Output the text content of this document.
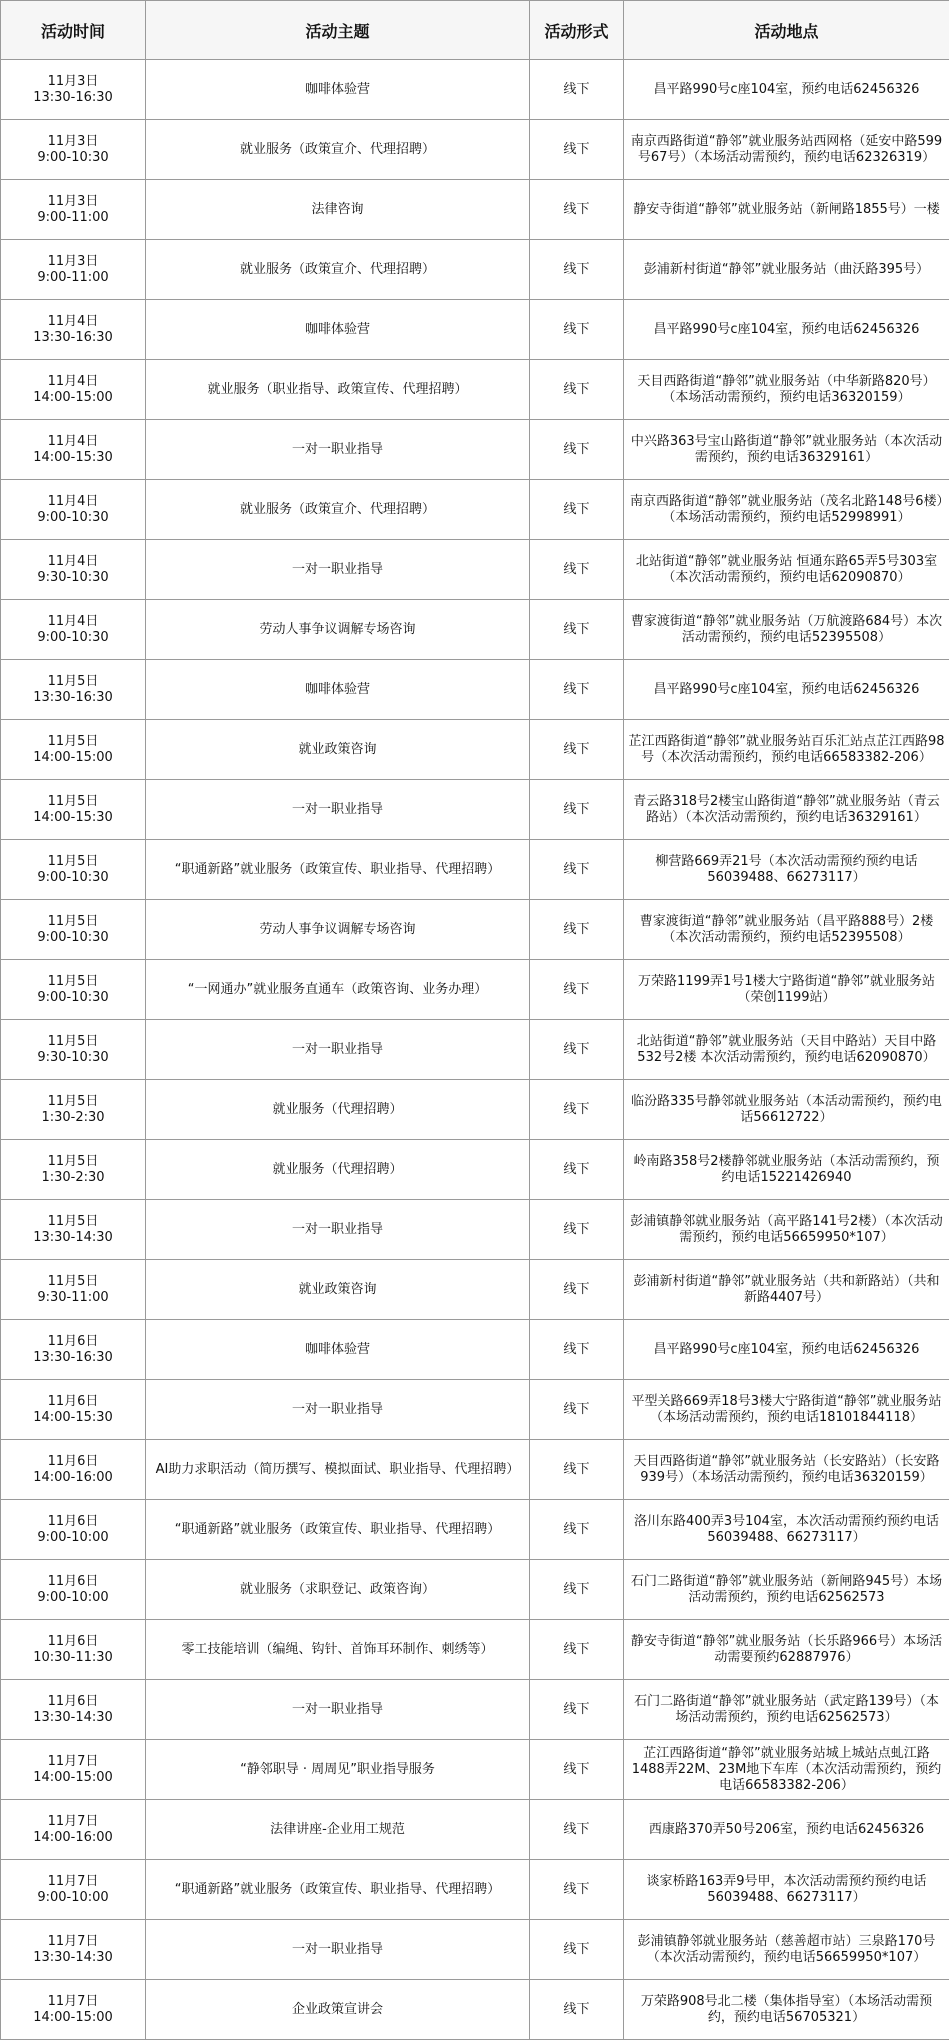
活动时间	活动主题	活动形式	活动地点

11月3日
13:30-16:30	咖啡体验营	线下	昌平路990号c座104室，预约电话62456326

11月3日
9:00-10:30	就业服务（政策宣介、代理招聘）	线下	南京西路街道“静邻”就业服务站西网格（延安中路599号67号）（本场活动需预约，预约电话62326319）

11月3日
9:00-11:00	法律咨询	线下	静安寺街道“静邻”就业服务站（新闸路1855号）一楼

11月3日
9:00-11:00	就业服务（政策宣介、代理招聘）	线下	彭浦新村街道“静邻”就业服务站（曲沃路395号）

11月4日
13:30-16:30	咖啡体验营	线下	昌平路990号c座104室，预约电话62456326

11月4日
14:00-15:00	就业服务（职业指导、政策宣传、代理招聘）	线下	天目西路街道“静邻”就业服务站（中华新路820号）（本场活动需预约，预约电话36320159）

11月4日
14:00-15:30	一对一职业指导	线下	中兴路363号宝山路街道“静邻”就业服务站（本次活动需预约，预约电话36329161）

11月4日
9:00-10:30	就业服务（政策宣介、代理招聘）	线下	南京西路街道“静邻”就业服务站（茂名北路148号6楼）（本场活动需预约，预约电话52998991）

11月4日
9:30-10:30	一对一职业指导	线下	北站街道“静邻”就业服务站 恒通东路65弄5号303室（本次活动需预约，预约电话62090870）

11月4日
9:00-10:30	劳动人事争议调解专场咨询	线下	曹家渡街道“静邻”就业服务站（万航渡路684号）本次活动需预约，预约电话52395508）

11月5日
13:30-16:30	咖啡体验营	线下	昌平路990号c座104室，预约电话62456326

11月5日
14:00-15:00	就业政策咨询	线下	芷江西路街道“静邻”就业服务站百乐汇站点芷江西路98号（本次活动需预约，预约电话66583382-206）

11月5日
14:00-15:30	一对一职业指导	线下	青云路318号2楼宝山路街道“静邻”就业服务站（青云路站）（本次活动需预约，预约电话36329161）

11月5日
9:00-10:30	“职通新路”就业服务（政策宣传、职业指导、代理招聘）	线下	柳营路669弄21号（本次活动需预约预约电话56039488、66273117）

11月5日
9:00-10:30	劳动人事争议调解专场咨询	线下	曹家渡街道“静邻”就业服务站（昌平路888号）2楼（本次活动需预约，预约电话52395508）

11月5日
9:00-10:30	“一网通办”就业服务直通车（政策咨询、业务办理）	线下	万荣路1199弄1号1楼大宁路街道“静邻”就业服务站（荣创1199站）

11月5日
9:30-10:30	一对一职业指导	线下	北站街道“静邻”就业服务站（天目中路站）天目中路532号2楼 本次活动需预约，预约电话62090870）

11月5日
1:30-2:30	就业服务（代理招聘）	线下	临汾路335号静邻就业服务站（本活动需预约，预约电话56612722）

11月5日
1:30-2:30	就业服务（代理招聘）	线下	岭南路358号2楼静邻就业服务站（本活动需预约，预约电话15221426940

11月5日
13:30-14:30	一对一职业指导	线下	彭浦镇静邻就业服务站（高平路141号2楼）（本次活动需预约，预约电话56659950*107）

11月5日
9:30-11:00	就业政策咨询	线下	彭浦新村街道“静邻”就业服务站（共和新路站）（共和新路4407号）

11月6日
13:30-16:30	咖啡体验营	线下	昌平路990号c座104室，预约电话62456326

11月6日
14:00-15:30	一对一职业指导	线下	平型关路669弄18号3楼大宁路街道“静邻”就业服务站（本场活动需预约，预约电话18101844118）

11月6日
14:00-16:00	AI助力求职活动（简历撰写、模拟面试、职业指导、代理招聘）	线下	天目西路街道“静邻”就业服务站（长安路站）（长安路939号）（本场活动需预约，预约电话36320159）

11月6日
9:00-10:00	“职通新路”就业服务（政策宣传、职业指导、代理招聘）	线下	洛川东路400弄3号104室，本次活动需预约预约电话56039488、66273117）

11月6日
9:00-10:00	就业服务（求职登记、政策咨询）	线下	石门二路街道“静邻”就业服务站（新闸路945号）本场活动需预约，预约电话62562573

11月6日
10:30-11:30	零工技能培训（编绳、钩针、首饰耳环制作、刺绣等）	线下	静安寺街道“静邻”就业服务站（长乐路966号）本场活动需要预约62887976）

11月6日
13:30-14:30	一对一职业指导	线下	石门二路街道“静邻”就业服务站（武定路139号）（本场活动需预约，预约电话62562573）

11月7日
14:00-15:00	“静邻职导 · 周周见”职业指导服务	线下	芷江西路街道“静邻”就业服务站城上城站点虬江路1488弄22M、23M地下车库（本次活动需预约，预约电话66583382-206）

11月7日
14:00-16:00	法律讲座-企业用工规范	线下	西康路370弄50号206室，预约电话62456326

11月7日
9:00-10:00	“职通新路”就业服务（政策宣传、职业指导、代理招聘）	线下	谈家桥路163弄9号甲，本次活动需预约预约电话56039488、66273117）

11月7日
13:30-14:30	一对一职业指导	线下	彭浦镇静邻就业服务站（慈善超市站）三泉路170号（本次活动需预约，预约电话56659950*107）

11月7日
14:00-15:00	企业政策宣讲会	线下	万荣路908号北二楼（集体指导室）（本场活动需预约，预约电话56705321）
